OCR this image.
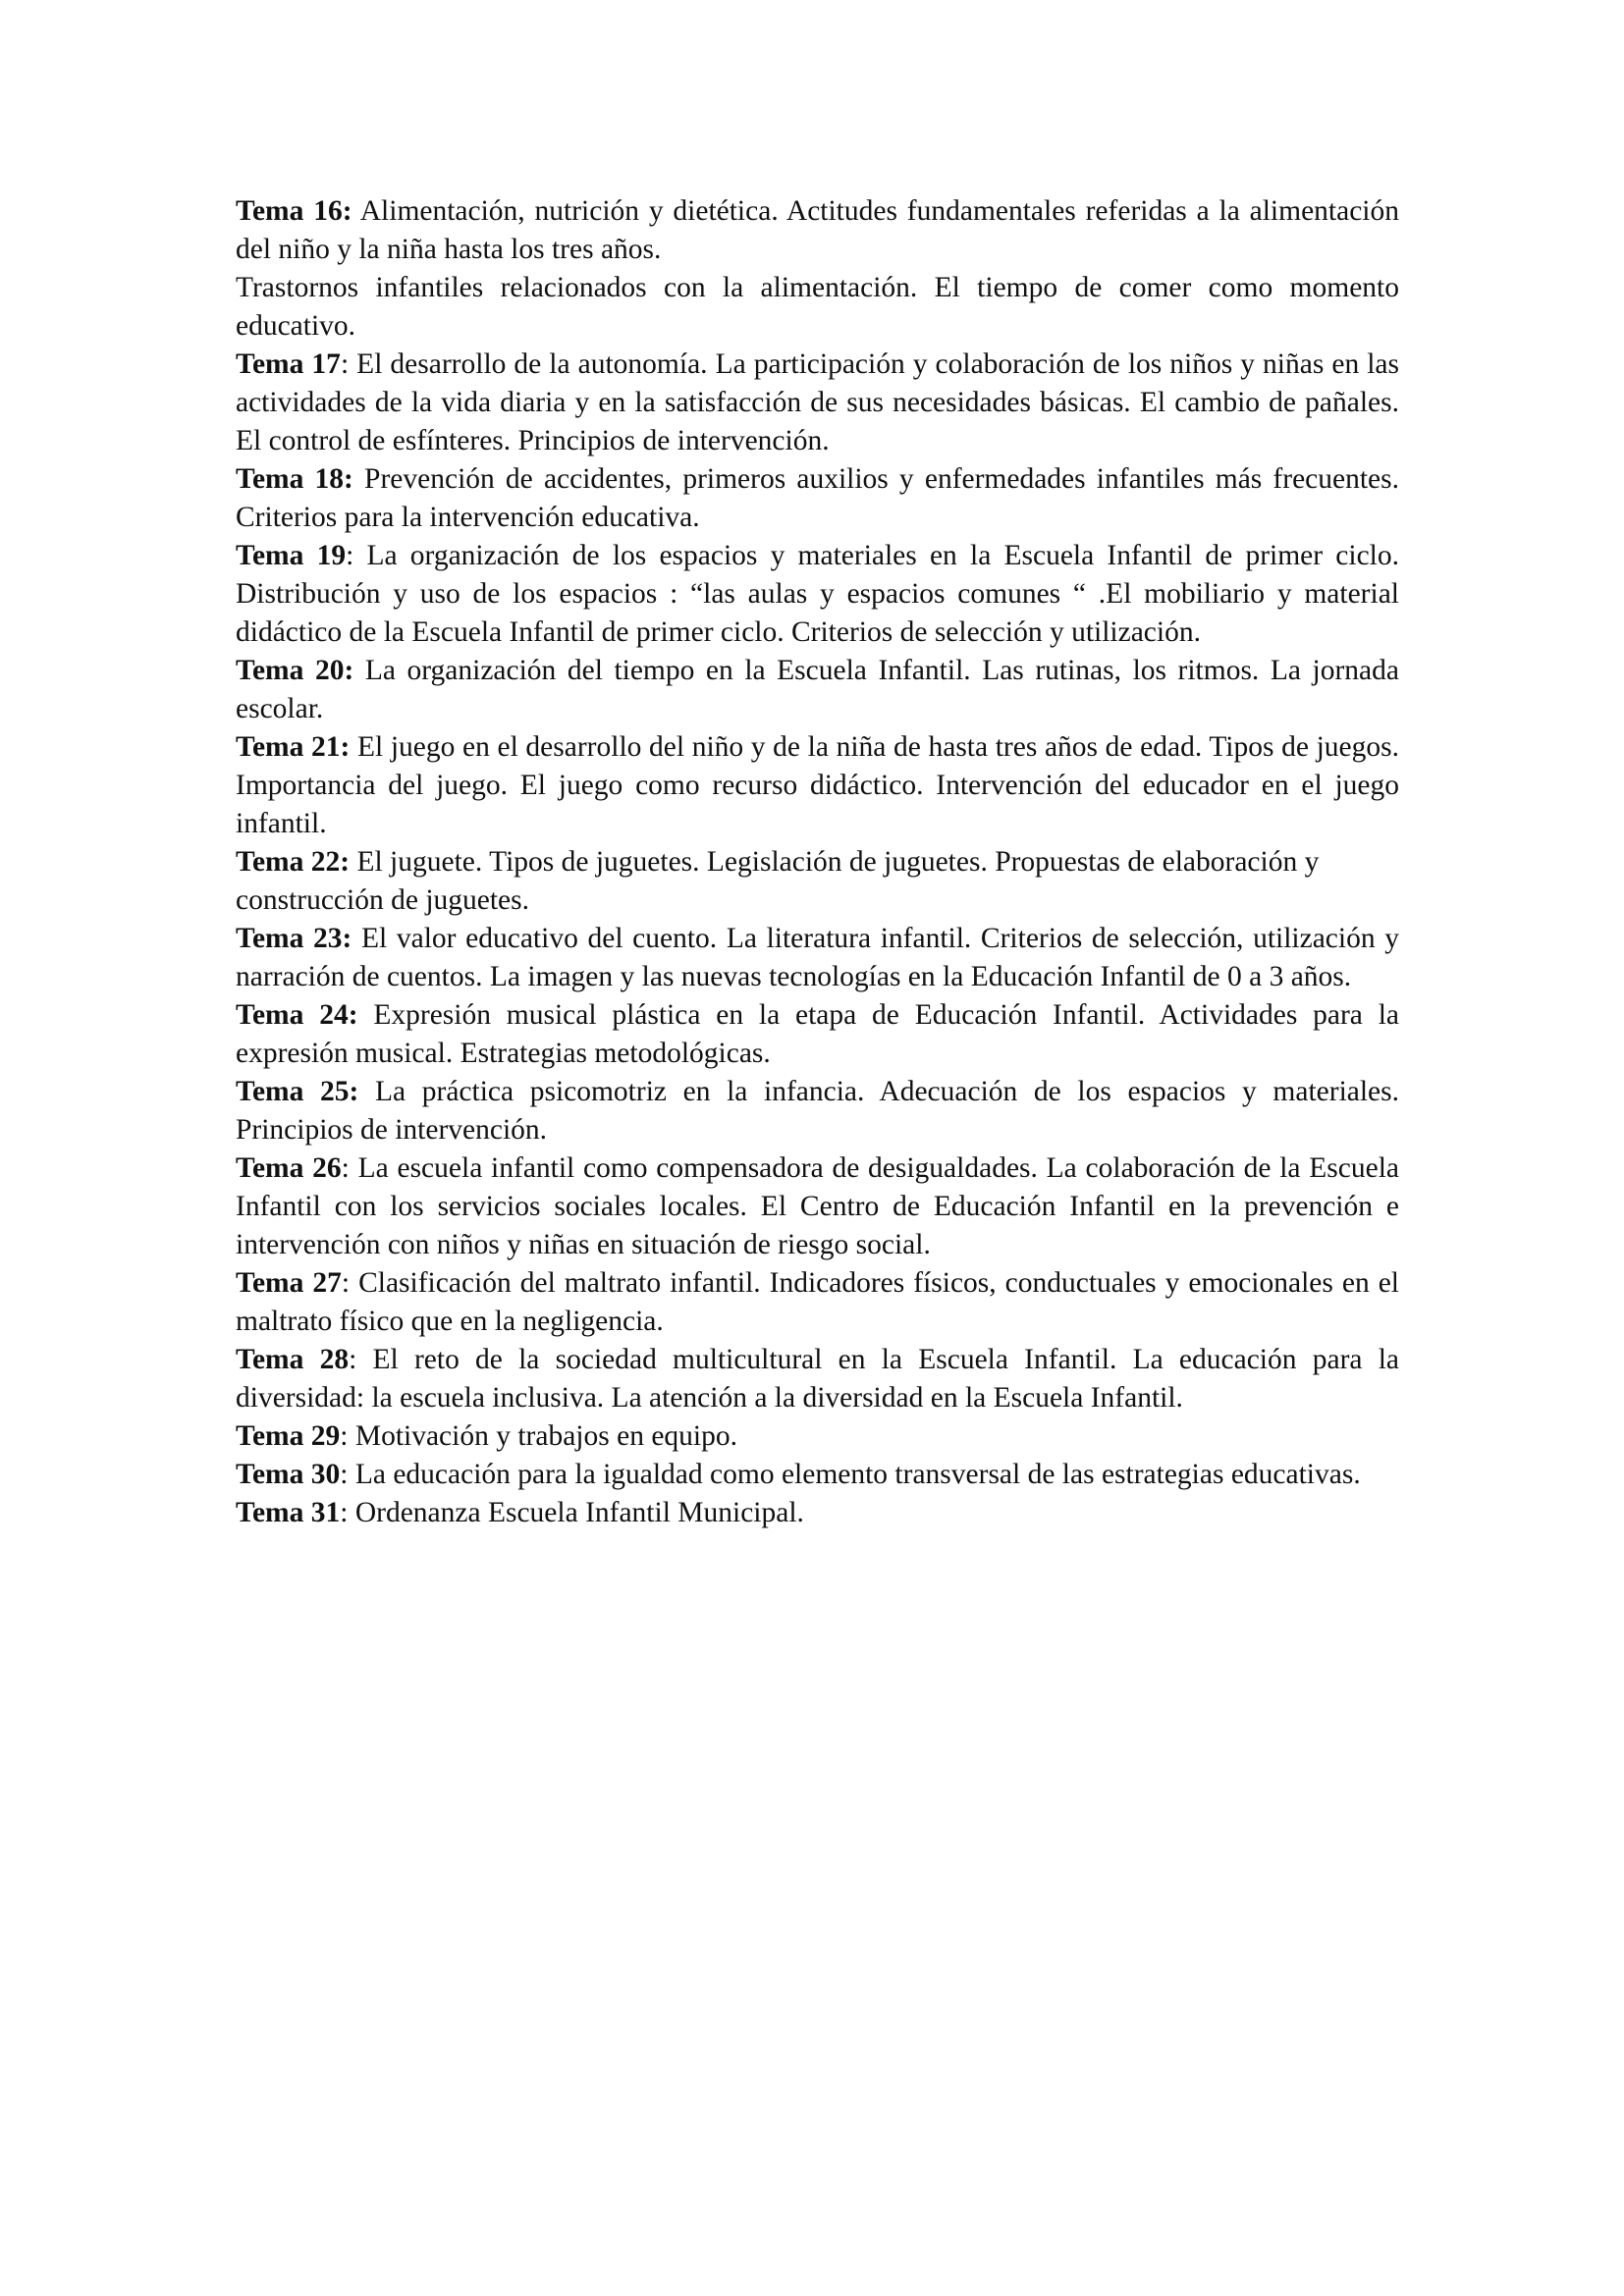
Tema 16: Alimentación, nutrición y dietética. Actitudes fundamentales referidas a la alimentación del niño y la niña hasta los tres años.

Trastornos infantiles relacionados con la alimentación. El tiempo de comer como momento educativo.

Tema 17: El desarrollo de la autonomía. La participación y colaboración de los niños y niñas en las actividades de la vida diaria y en la satisfacción de sus necesidades básicas. El cambio de pañales. El control de esfínteres. Principios de intervención.

Tema 18: Prevención de accidentes, primeros auxilios y enfermedades infantiles más frecuentes. Criterios para la intervención educativa.

Tema 19: La organización de los espacios y materiales en la Escuela Infantil de primer ciclo. Distribución y uso de los espacios : “las aulas y espacios comunes “ .El mobiliario y material didáctico de la Escuela Infantil de primer ciclo. Criterios de selección y utilización.

Tema 20: La organización del tiempo en la Escuela Infantil. Las rutinas, los ritmos. La jornada escolar.

Tema 21: El juego en el desarrollo del niño y de la niña de hasta tres años de edad. Tipos de juegos. Importancia del juego. El juego como recurso didáctico. Intervención del educador en el juego infantil.

Tema 22: El juguete. Tipos de juguetes. Legislación de juguetes. Propuestas de elaboración y construcción de juguetes.

Tema 23: El valor educativo del cuento. La literatura infantil. Criterios de selección, utilización y narración de cuentos. La imagen y las nuevas tecnologías en la Educación Infantil de 0 a 3 años.

Tema 24: Expresión musical plástica en la etapa de Educación Infantil. Actividades para la expresión musical. Estrategias metodológicas.

Tema 25: La práctica psicomotriz en la infancia. Adecuación de los espacios y materiales. Principios de intervención.

Tema 26: La escuela infantil como compensadora de desigualdades. La colaboración de la Escuela Infantil con los servicios sociales locales. El Centro de Educación Infantil en la prevención e intervención con niños y niñas en situación de riesgo social.

Tema 27: Clasificación del maltrato infantil. Indicadores físicos, conductuales y emocionales en el maltrato físico que en la negligencia.

Tema 28: El reto de la sociedad multicultural en la Escuela Infantil. La educación para la diversidad: la escuela inclusiva. La atención a la diversidad en la Escuela Infantil.

Tema 29: Motivación y trabajos en equipo.

Tema 30: La educación para la igualdad como elemento transversal de las estrategias educativas.

Tema 31: Ordenanza Escuela Infantil Municipal.
